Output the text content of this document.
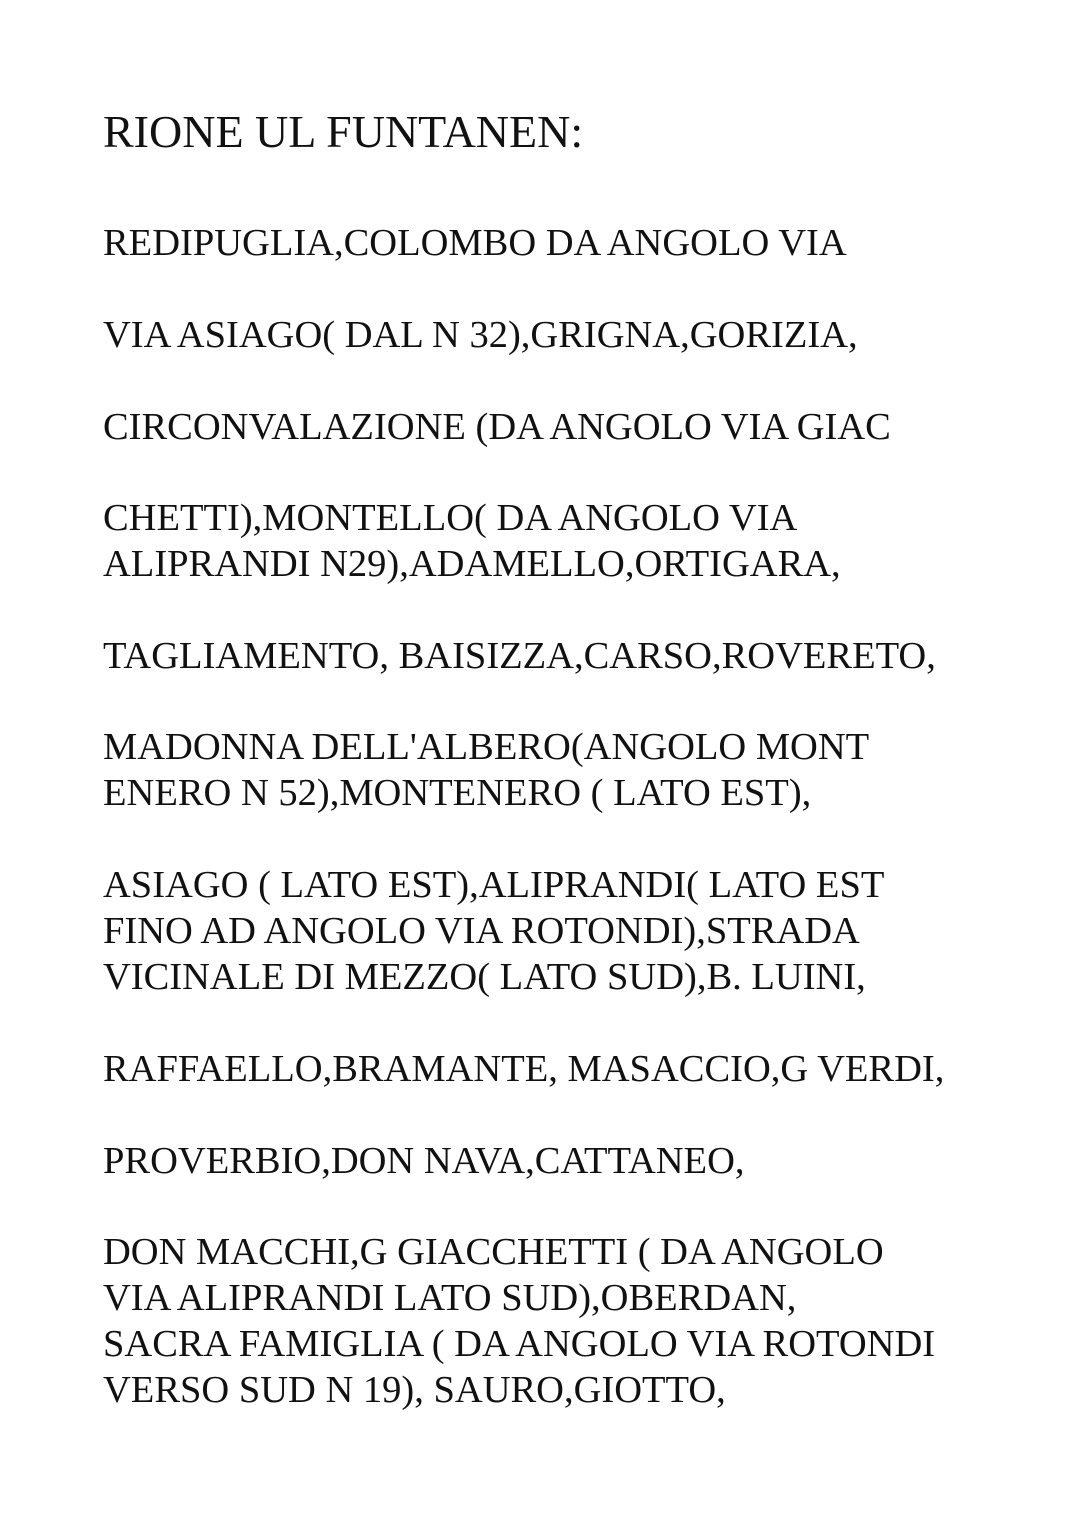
RIONE UL FUNTANEN:

REDIPUGLIA,COLOMBO DA ANGOLO VIA

VIA ASIAGO( DAL N 32),GRIGNA,GORIZIA,

CIRCONVALAZIONE (DA ANGOLO VIA GIAC

CHETTI),MONTELLO( DA ANGOLO VIA
ALIPRANDI N29),ADAMELLO,ORTIGARA,

TAGLIAMENTO, BAISIZZA,CARSO,ROVERETO,

MADONNA DELL'ALBERO(ANGOLO MONT
ENERO N 52),MONTENERO ( LATO EST),

ASIAGO ( LATO EST),ALIPRANDI( LATO EST
FINO AD ANGOLO VIA ROTONDI),STRADA
VICINALE DI MEZZO( LATO SUD),B. LUINI,

RAFFAELLO,BRAMANTE, MASACCIO,G VERDI,

PROVERBIO,DON NAVA,CATTANEO,

DON MACCHI,G GIACCHETTI ( DA ANGOLO
VIA ALIPRANDI LATO SUD),OBERDAN,
SACRA FAMIGLIA ( DA ANGOLO VIA ROTONDI
VERSO SUD N 19), SAURO,GIOTTO,
